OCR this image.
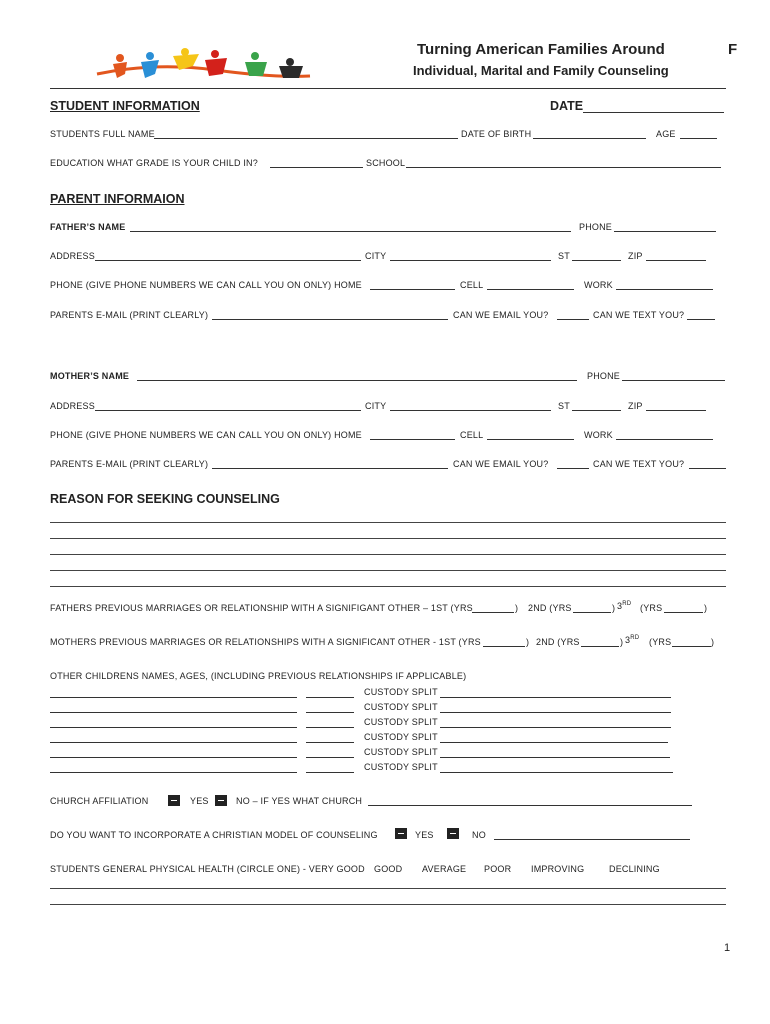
Turning American Families Around
Individual, Marital and Family Counseling
F
STUDENT INFORMATION	DATE
STUDENTS FULL NAME	DATE OF BIRTH	AGE
EDUCATION WHAT GRADE IS YOUR CHILD IN?	SCHOOL
PARENT INFORMAION
FATHER’S NAME	PHONE
ADDRESS	CITY	ST	ZIP
PHONE (GIVE PHONE NUMBERS WE CAN CALL YOU ON ONLY) HOME	CELL	WORK
PARENTS E-MAIL (PRINT CLEARLY)	CAN WE EMAIL YOU?	CAN WE TEXT YOU?
MOTHER’S NAME	PHONE
ADDRESS	CITY	ST	ZIP
PHONE (GIVE PHONE NUMBERS WE CAN CALL YOU ON ONLY) HOME	CELL	WORK
PARENTS E-MAIL (PRINT CLEARLY)	CAN WE EMAIL YOU?	CAN WE TEXT YOU?
REASON FOR SEEKING COUNSELING
FATHERS PREVIOUS MARRIAGES OR RELATIONSHIP WITH A SIGNIFIGANT OTHER – 1ST (YRS	) 2ND (YRS	) 3RD (YRS	)
MOTHERS PREVIOUS MARRIAGES OR RELATIONSHIPS WITH A SIGNIFICANT OTHER - 1ST (YRS	) 2ND (YRS	) 3RD (YRS	)
OTHER CHILDRENS NAMES, AGES, (INCLUDING PREVIOUS RELATIONSHIPS IF APPLICABLE)
CUSTODY SPLIT
CUSTODY SPLIT
CUSTODY SPLIT
CUSTODY SPLIT
CUSTODY SPLIT
CUSTODY SPLIT
CHURCH AFFILIATION	YES	NO – IF YES WHAT CHURCH
DO YOU WANT TO INCORPORATE A CHRISTIAN MODEL OF COUNSELING	YES	NO
STUDENTS GENERAL PHYSICAL HEALTH (CIRCLE ONE) - VERY GOOD GOOD AVERAGE POOR IMPROVING	DECLINING
1
